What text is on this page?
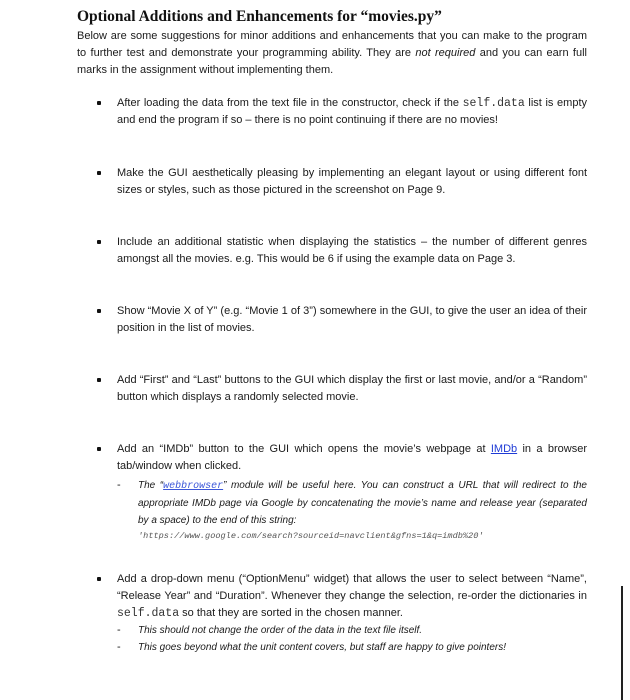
Optional Additions and Enhancements for “movies.py”
Below are some suggestions for minor additions and enhancements that you can make to the program to further test and demonstrate your programming ability. They are not required and you can earn full marks in the assignment without implementing them.
After loading the data from the text file in the constructor, check if the self.data list is empty and end the program if so – there is no point continuing if there are no movies!
Make the GUI aesthetically pleasing by implementing an elegant layout or using different font sizes or styles, such as those pictured in the screenshot on Page 9.
Include an additional statistic when displaying the statistics – the number of different genres amongst all the movies. e.g. This would be 6 if using the example data on Page 3.
Show “Movie X of Y” (e.g. “Movie 1 of 3”) somewhere in the GUI, to give the user an idea of their position in the list of movies.
Add “First” and “Last” buttons to the GUI which display the first or last movie, and/or a “Random” button which displays a randomly selected movie.
Add an “IMDb” button to the GUI which opens the movie’s webpage at IMDb in a browser tab/window when clicked.
- The “webbrowser” module will be useful here. You can construct a URL that will redirect to the appropriate IMDb page via Google by concatenating the movie’s name and release year (separated by a space) to the end of this string:
'https://www.google.com/search?sourceid=navclient&gfns=1&q=imdb%20'
Add a drop-down menu (“OptionMenu” widget) that allows the user to select between “Name”, “Release Year” and “Duration”. Whenever they change the selection, re-order the dictionaries in self.data so that they are sorted in the chosen manner.
- This should not change the order of the data in the text file itself.
- This goes beyond what the unit content covers, but staff are happy to give pointers!
